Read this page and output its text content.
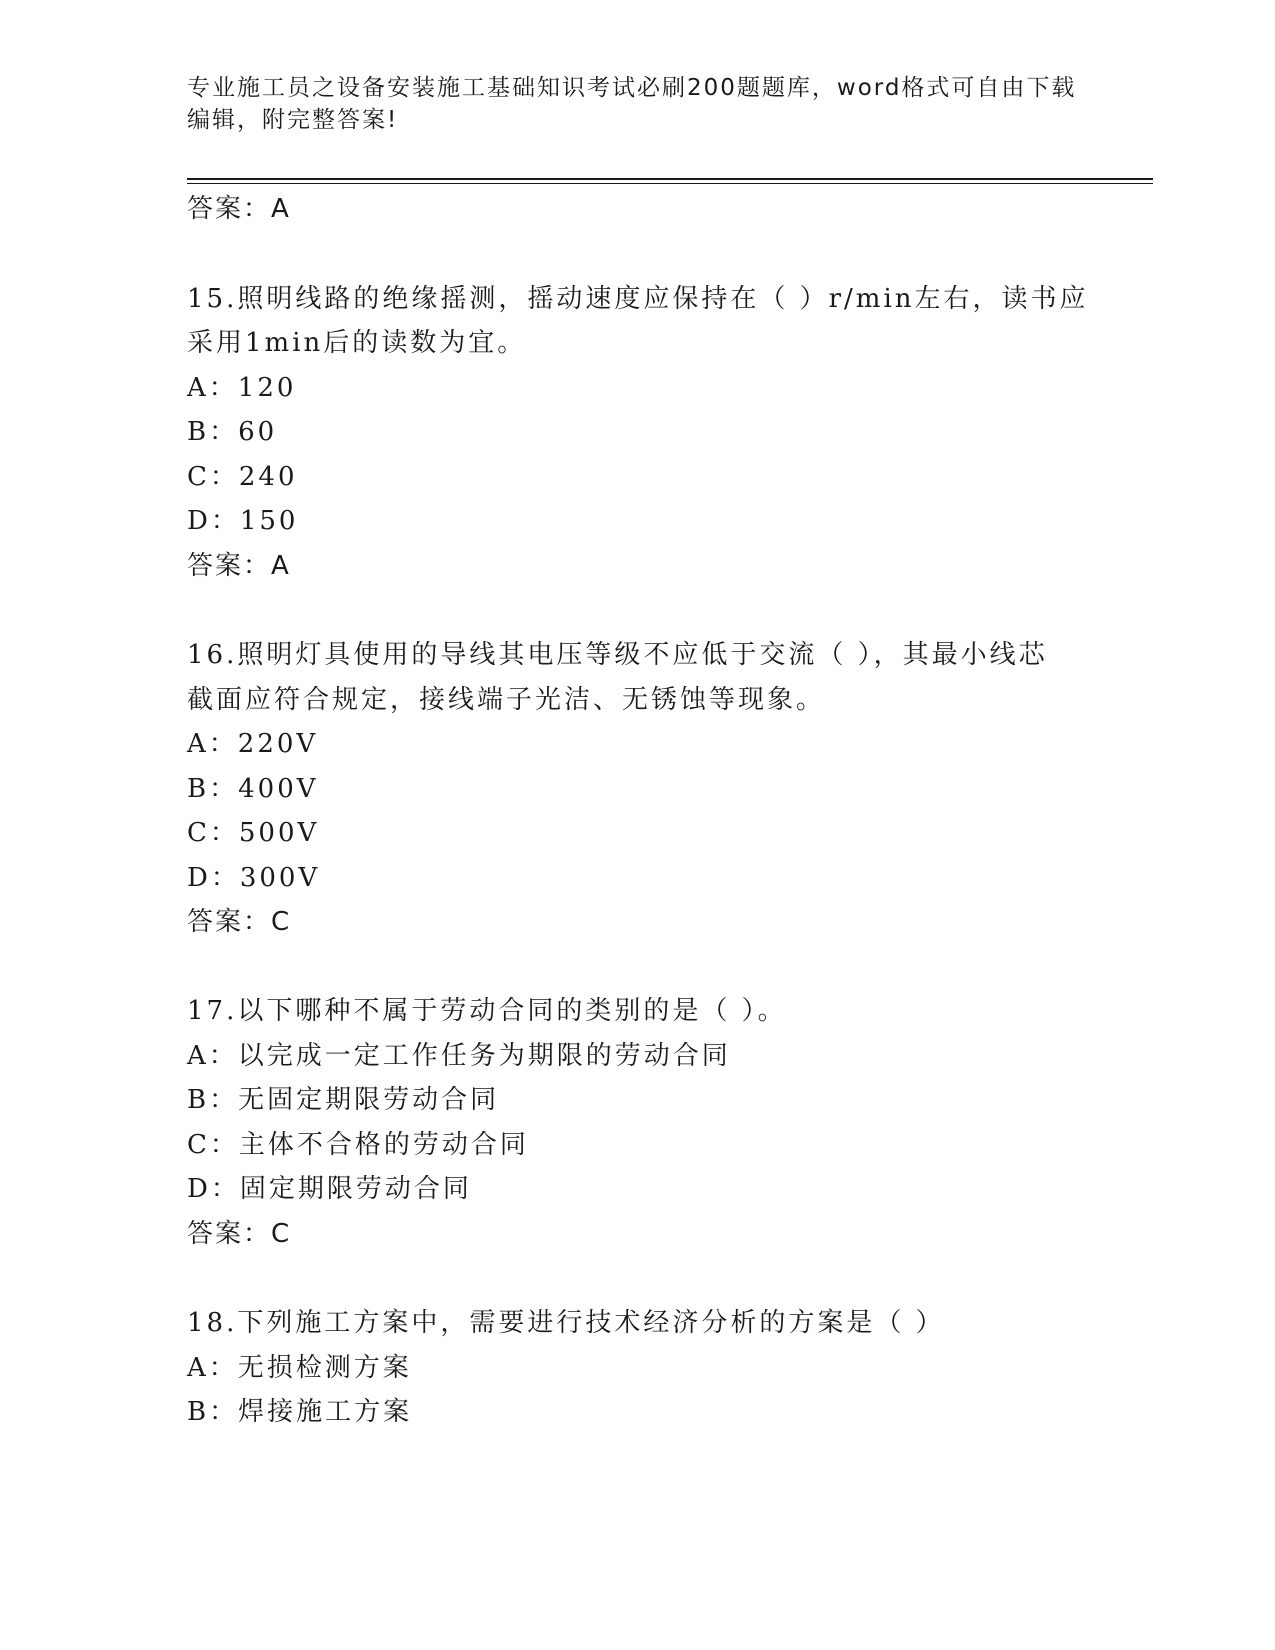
专业施工员之设备安装施工基础知识考试必刷200题题库，word格式可自由下载
编辑，附完整答案!
答案：A
15.照明线路的绝缘摇测，摇动速度应保持在（ ）r/min左右，读书应
采用1min后的读数为宜。
A：120
B：60
C：240
D：150
答案：A
16.照明灯具使用的导线其电压等级不应低于交流（ ），其最小线芯
截面应符合规定，接线端子光洁、无锈蚀等现象。
A：220V
B：400V
C：500V
D：300V
答案：C
17.以下哪种不属于劳动合同的类别的是（ ）。
A：以完成一定工作任务为期限的劳动合同
B：无固定期限劳动合同
C：主体不合格的劳动合同
D：固定期限劳动合同
答案：C
18.下列施工方案中，需要进行技术经济分析的方案是（ ）
A：无损检测方案
B：焊接施工方案
